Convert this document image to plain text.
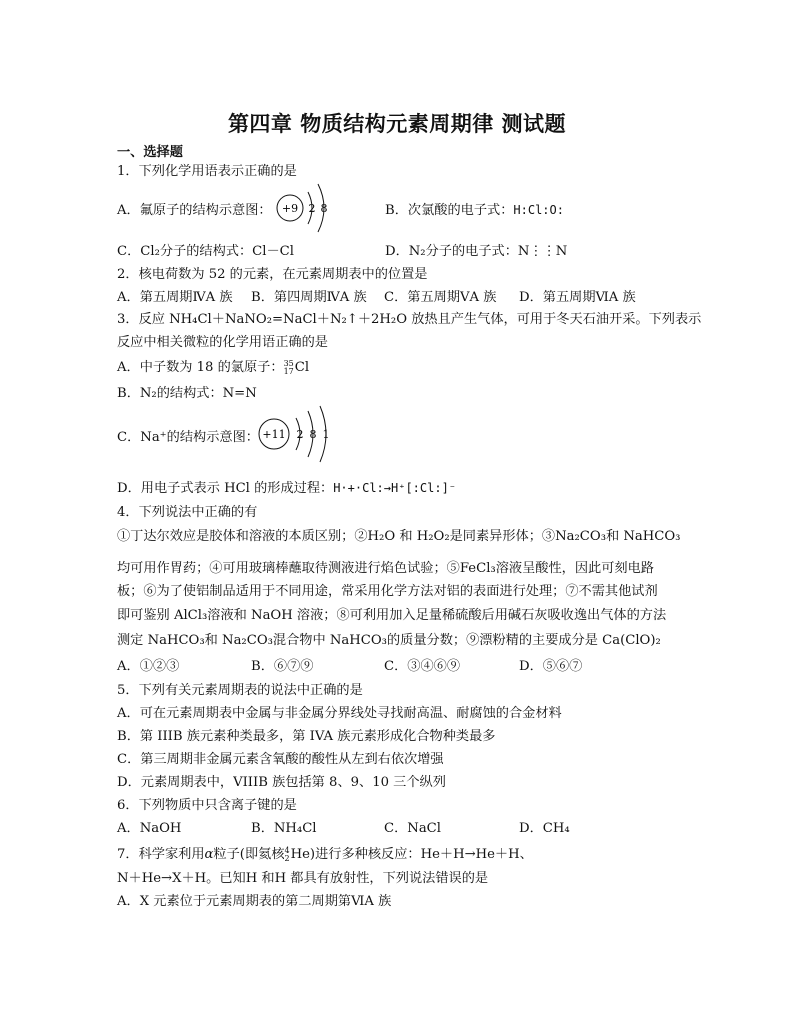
第四章 物质结构元素周期律 测试题
一、选择题
1．下列化学用语表示正确的是
A．氟原子的结构示意图： +9 2 8	B．次氯酸的电子式：H:Cl:O:
C．Cl₂分子的结构式：Cl－Cl	D．N₂分子的电子式：N⋮⋮N
2．核电荷数为 52 的元素，在元素周期表中的位置是
A．第五周期ⅣA 族 B．第四周期ⅣA 族 C．第五周期ⅤA 族 D．第五周期ⅥA 族
3．反应 NH₄Cl＋NaNO₂=NaCl＋N₂↑＋2H₂O 放热且产生气体，可用于冬天石油开采。下列表示
反应中相关微粒的化学用语正确的是
A．中子数为 18 的氯原子： 35
17 Cl
B．N₂的结构式：N=N
C．Na⁺的结构示意图： +11 2 8 1
D．用电子式表示 HCl 的形成过程：H·+·Cl:→H⁺[:Cl:]⁻
4．下列说法中正确的有
①丁达尔效应是胶体和溶液的本质区别；②H₂O 和 H₂O₂是同素异形体；③Na₂CO₃和 NaHCO₃
均可用作胃药；④可用玻璃棒蘸取待测液进行焰色试验；⑤FeCl₃溶液呈酸性，因此可刻电路
板；⑥为了使铝制品适用于不同用途，常采用化学方法对铝的表面进行处理；⑦不需其他试剂
即可鉴别 AlCl₃溶液和 NaOH 溶液；⑧可利用加入足量稀硫酸后用碱石灰吸收逸出气体的方法
测定 NaHCO₃和 Na₂CO₃混合物中 NaHCO₃的质量分数；⑨漂粉精的主要成分是 Ca(ClO)₂
A．①②③	B．⑥⑦⑨	C．③④⑥⑨	D．⑤⑥⑦
5．下列有关元素周期表的说法中正确的是
A．可在元素周期表中金属与非金属分界线处寻找耐高温、耐腐蚀的合金材料
B．第 IIIB 族元素种类最多，第 IVA 族元素形成化合物种类最多
C．第三周期非金属元素含氧酸的酸性从左到右依次增强
D．元素周期表中，VIIIB 族包括第 8、9、10 三个纵列
6．下列物质中只含离子键的是
A．NaOH	B．NH₄Cl	C．NaCl	D．CH₄
7．科学家利用α粒子(即氦核 4
2 He)进行多种核反应：He＋H→He＋H、
N＋He→X＋H。已知H 和H 都具有放射性，下列说法错误的是
A．X 元素位于元素周期表的第二周期第ⅥA 族
